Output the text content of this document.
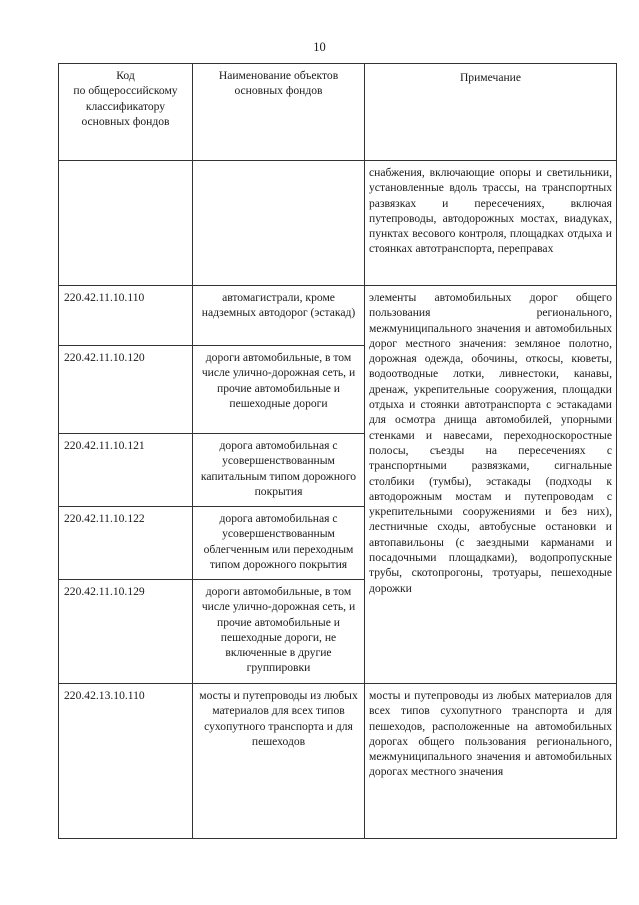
10
Код
по общероссийскому классификатору основных фондов	Наименование объектов основных фондов	Примечание
		снабжения, включающие опоры и светильники, установленные вдоль трассы, на транспортных развязках и пересечениях, включая путепроводы, автодорожных мостах, виадуках, пунктах весового контроля, площадках отдыха и стоянках автотранспорта, переправах
220.42.11.10.110	автомагистрали, кроме надземных автодорог (эстакад)	элементы автомобильных дорог общего пользования регионального, межмуниципального значения и автомобильных дорог местного значения: земляное полотно, дорожная одежда, обочины, откосы, кюветы, водоотводные лотки, ливнестоки, канавы, дренаж, укрепительные сооружения, площадки отдыха и стоянки автотранспорта с эстакадами для осмотра днища автомобилей, упорными стенками и навесами, переходноскоростные полосы, съезды на пересечениях с транспортными развязками, сигнальные столбики (тумбы), эстакады (подходы к автодорожным мостам и путепроводам с укрепительными сооружениями и без них), лестничные сходы, автобусные остановки и автопавильоны (с заездными карманами и посадочными площадками), водопропускные трубы, скотопрогоны, тротуары, пешеходные дорожки
220.42.11.10.120	дороги автомобильные, в том числе улично-дорожная сеть, и прочие автомобильные и пешеходные дороги	
220.42.11.10.121	дорога автомобильная с усовершенствованным капитальным типом дорожного покрытия	
220.42.11.10.122	дорога автомобильная с усовершенствованным облегченным или переходным типом дорожного покрытия	
220.42.11.10.129	дороги автомобильные, в том числе улично-дорожная сеть, и прочие автомобильные и пешеходные дороги, не включенные в другие группировки	
220.42.13.10.110	мосты и путепроводы из любых материалов для всех типов сухопутного транспорта и для пешеходов	мосты и путепроводы из любых материалов для всех типов сухопутного транспорта и для пешеходов, расположенные на автомобильных дорогах общего пользования регионального, межмуниципального значения и автомобильных дорогах местного значения
